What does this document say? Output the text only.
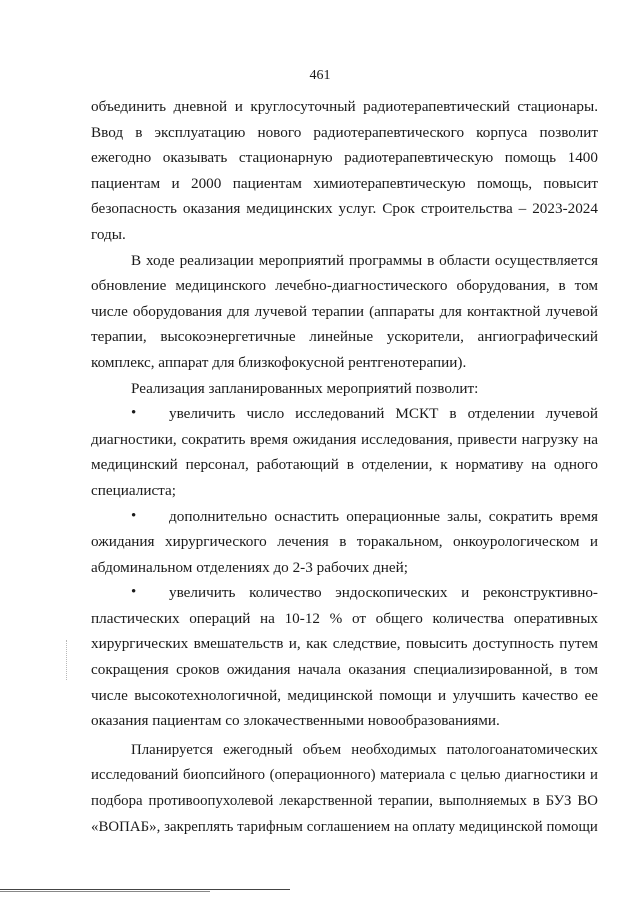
461

объединить дневной и круглосуточный радиотерапевтический стационары. Ввод в эксплуатацию нового радиотерапевтического корпуса позволит ежегодно оказывать стационарную радиотерапевтическую помощь 1400 пациентам и 2000 пациентам химиотерапевтическую помощь, повысит безопасность оказания медицинских услуг. Срок строительства – 2023-2024 годы.

В ходе реализации мероприятий программы в области осуществляется обновление медицинского лечебно-диагностического оборудования, в том числе оборудования для лучевой терапии (аппараты для контактной лучевой терапии, высокоэнергетичные линейные ускорители, ангиографический комплекс, аппарат для близкофокусной рентгенотерапии).

Реализация запланированных мероприятий позволит:

• увеличить число исследований МСКТ в отделении лучевой диагностики, сократить время ожидания исследования, привести нагрузку на медицинский персонал, работающий в отделении, к нормативу на одного специалиста;
• дополнительно оснастить операционные залы, сократить время ожидания хирургического лечения в торакальном, онкоурологическом и абдоминальном отделениях до 2-3 рабочих дней;
• увеличить количество эндоскопических и реконструктивно-пластических операций на 10-12 % от общего количества оперативных хирургических вмешательств и, как следствие, повысить доступность путем сокращения сроков ожидания начала оказания специализированной, в том числе высокотехнологичной, медицинской помощи и улучшить качество ее оказания пациентам со злокачественными новообразованиями.

Планируется ежегодный объем необходимых патологоанатомических исследований биопсийного (операционного) материала с целью диагностики и подбора противоопухолевой лекарственной терапии, выполняемых в БУЗ ВО «ВОПАБ», закреплять тарифным соглашением на оплату медицинской помощи
